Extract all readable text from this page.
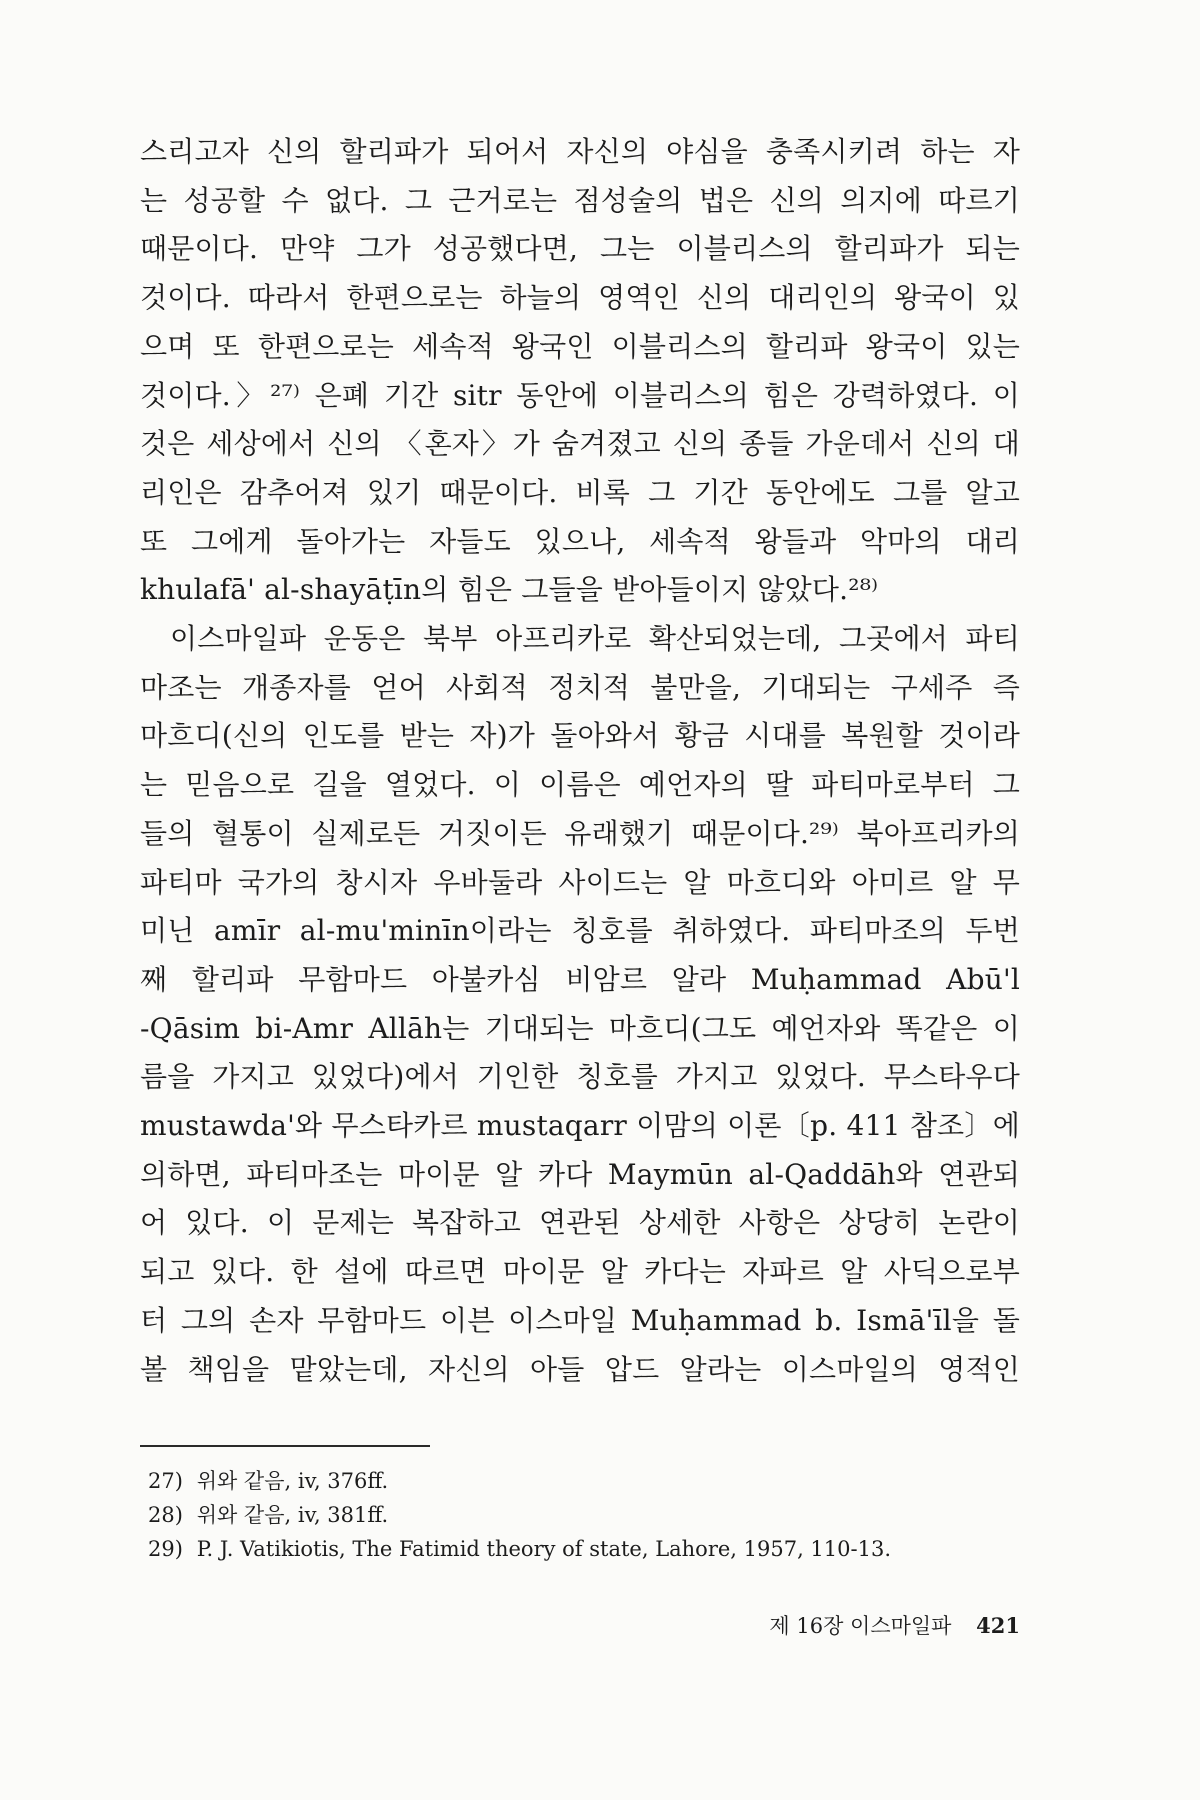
스리고자 신의 할리파가 되어서 자신의 야심을 충족시키려 하는 자
는 성공할 수 없다. 그 근거로는 점성술의 법은 신의 의지에 따르기
때문이다. 만약 그가 성공했다면, 그는 이블리스의 할리파가 되는
것이다. 따라서 한편으로는 하늘의 영역인 신의 대리인의 왕국이 있
으며 또 한편으로는 세속적 왕국인 이블리스의 할리파 왕국이 있는
것이다.〉²⁷⁾ 은폐 기간 sitr 동안에 이블리스의 힘은 강력하였다. 이
것은 세상에서 신의 〈혼자〉가 숨겨졌고 신의 종들 가운데서 신의 대
리인은 감추어져 있기 때문이다. 비록 그 기간 동안에도 그를 알고
또 그에게 돌아가는 자들도 있으나, 세속적 왕들과 악마의 대리
khulafā' al-shayāṭīn의 힘은 그들을 받아들이지 않았다.²⁸⁾
이스마일파 운동은 북부 아프리카로 확산되었는데, 그곳에서 파티
마조는 개종자를 얻어 사회적 정치적 불만을, 기대되는 구세주 즉
마흐디(신의 인도를 받는 자)가 돌아와서 황금 시대를 복원할 것이라
는 믿음으로 길을 열었다. 이 이름은 예언자의 딸 파티마로부터 그
들의 혈통이 실제로든 거짓이든 유래했기 때문이다.²⁹⁾ 북아프리카의
파티마 국가의 창시자 우바둘라 사이드는 알 마흐디와 아미르 알 무
미닌 amīr al-mu'minīn이라는 칭호를 취하였다. 파티마조의 두번
째 할리파 무함마드 아불카심 비암르 알라 Muḥammad Abū'l
-Qāsim bi-Amr Allāh는 기대되는 마흐디(그도 예언자와 똑같은 이
름을 가지고 있었다)에서 기인한 칭호를 가지고 있었다. 무스타우다
mustawda'와 무스타카르 mustaqarr 이맘의 이론〔p. 411 참조〕에
의하면, 파티마조는 마이문 알 카다 Maymūn al-Qaddāh와 연관되
어 있다. 이 문제는 복잡하고 연관된 상세한 사항은 상당히 논란이
되고 있다. 한 설에 따르면 마이문 알 카다는 자파르 알 사딕으로부
터 그의 손자 무함마드 이븐 이스마일 Muḥammad b. Ismā'īl을 돌
볼 책임을 맡았는데, 자신의 아들 압드 알라는 이스마일의 영적인
27) 위와 같음, iv, 376ff.
28) 위와 같음, iv, 381ff.
29) P. J. Vatikiotis, The Fatimid theory of state, Lahore, 1957, 110-13.
제 16장 이스마일파 421
